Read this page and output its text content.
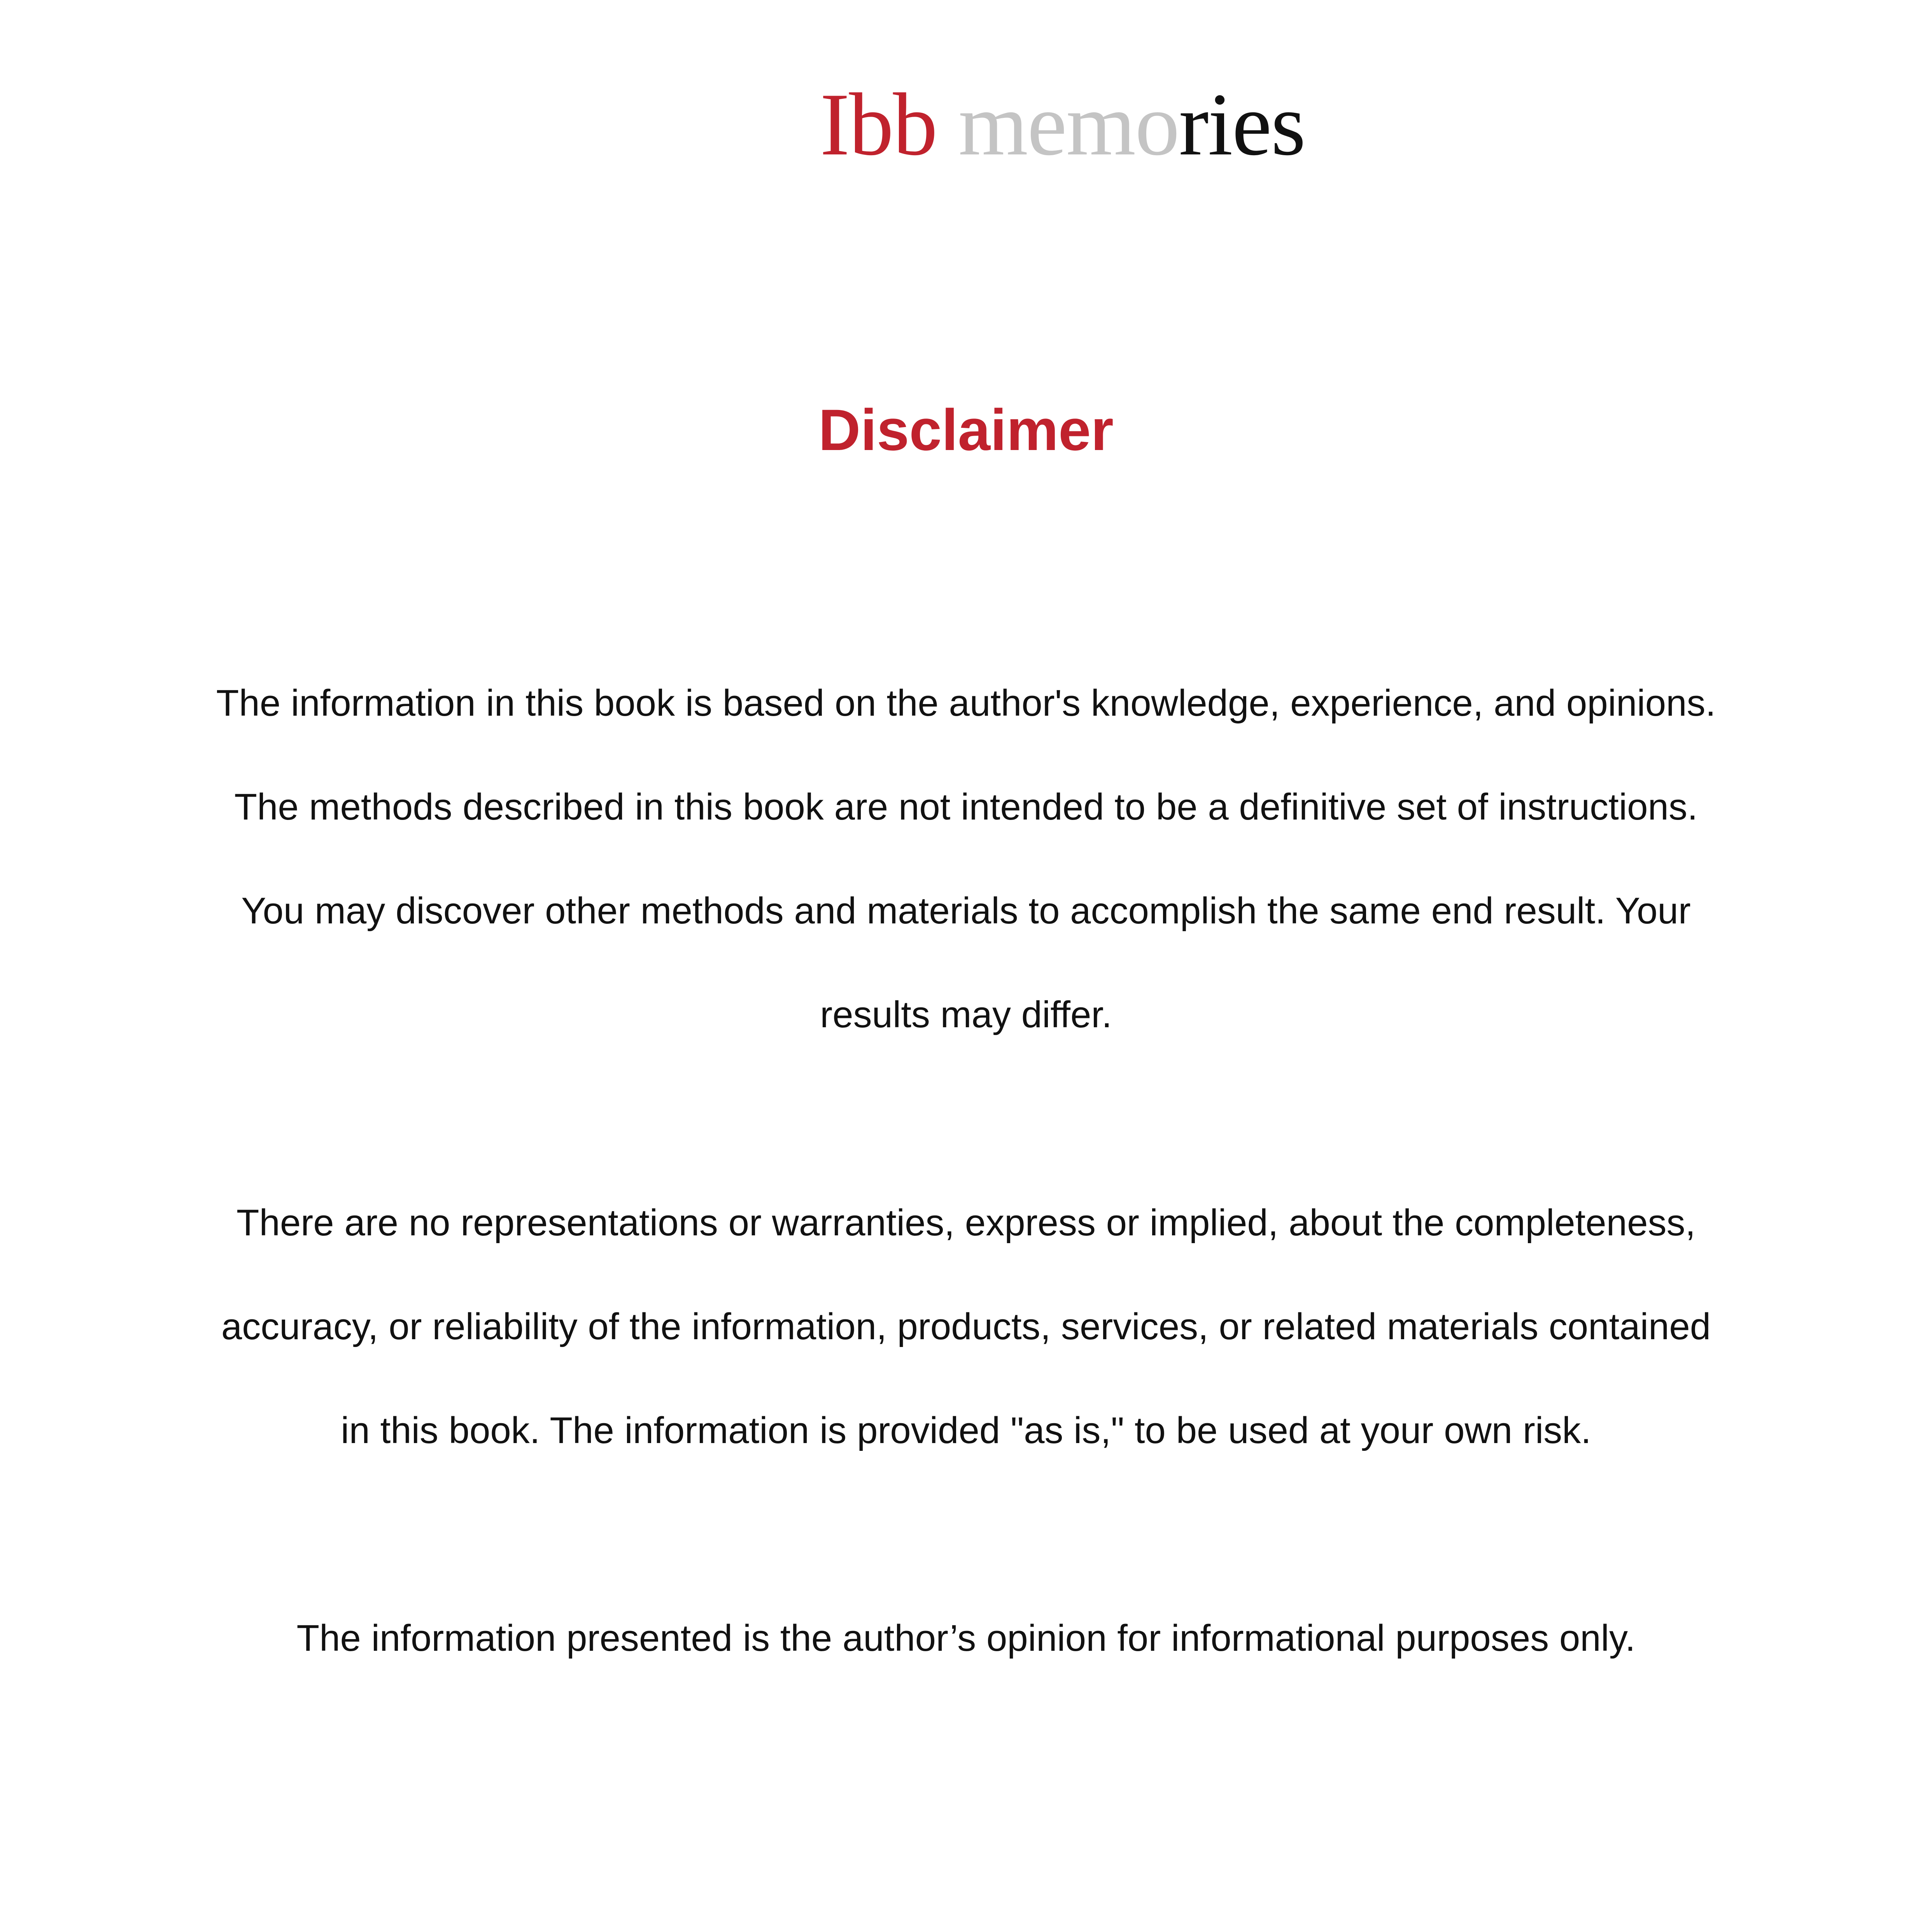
Ibb memories
Disclaimer
The information in this book is based on the author's knowledge, experience, and opinions.
The methods described in this book are not intended to be a definitive set of instructions.
You may discover other methods and materials to accomplish the same end result. Your
results may differ.
There are no representations or warranties, express or implied, about the completeness,
accuracy, or reliability of the information, products, services, or related materials contained
in this book. The information is provided "as is," to be used at your own risk.
The information presented is the author’s opinion for informational purposes only.
